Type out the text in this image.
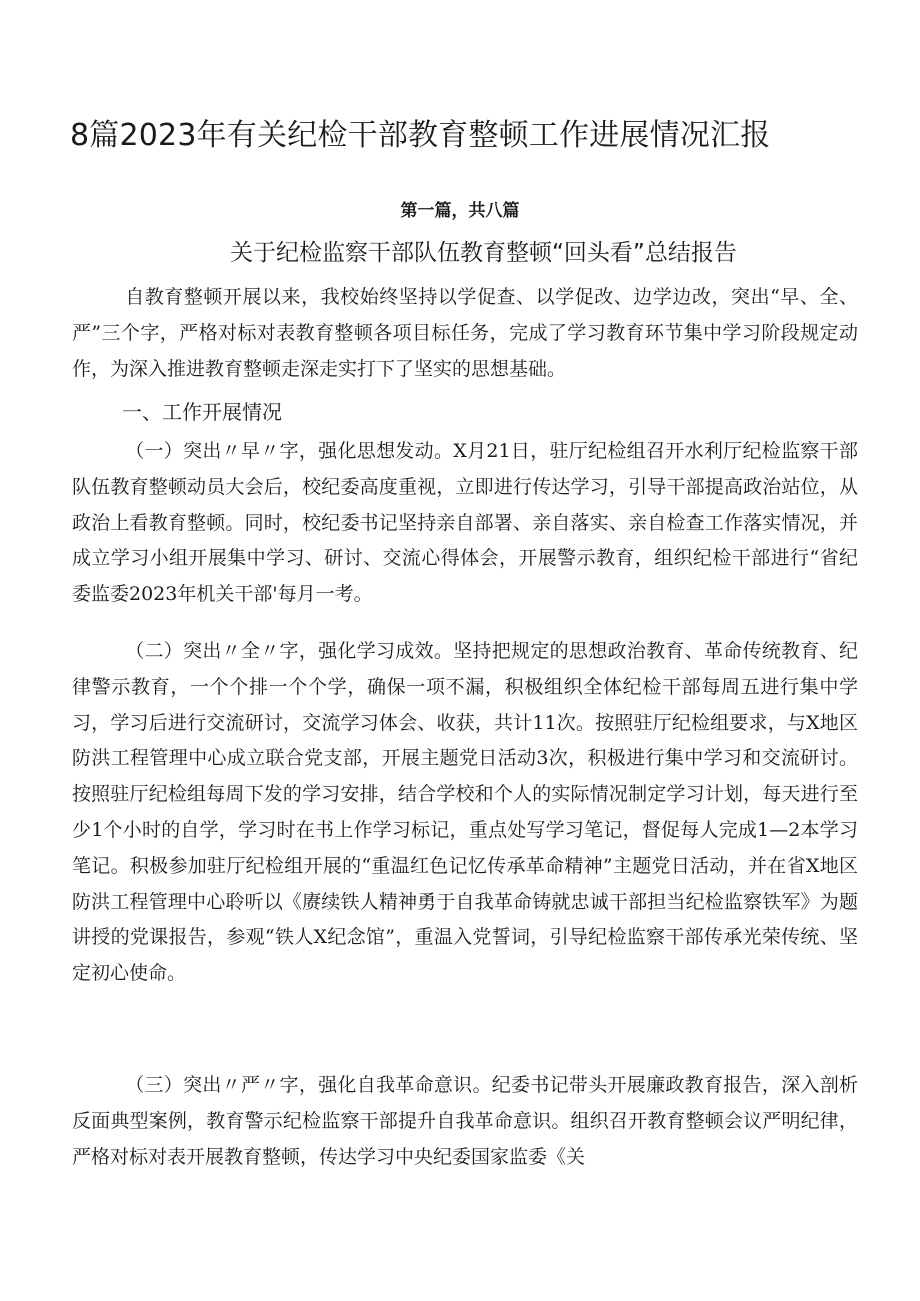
8篇2023年有关纪检干部教育整顿工作进展情况汇报
第一篇，共八篇
关于纪检监察干部队伍教育整顿“回头看”总结报告

自教育整顿开展以来，我校始终坚持以学促查、以学促改、边学边改，突出“早、全、严”三个字，严格对标对表教育整顿各项目标任务，完成了学习教育环节集中学习阶段规定动作，为深入推进教育整顿走深走实打下了坚实的思想基础。

一、工作开展情况

（一）突出〃早〃字，强化思想发动。X月21日，驻厅纪检组召开水利厅纪检监察干部队伍教育整顿动员大会后，校纪委高度重视，立即进行传达学习，引导干部提高政治站位，从政治上看教育整顿。同时，校纪委书记坚持亲自部署、亲自落实、亲自检查工作落实情况，并成立学习小组开展集中学习、研讨、交流心得体会，开展警示教育，组织纪检干部进行“省纪委监委2023年机关干部'每月一考。

（二）突出〃全〃字，强化学习成效。坚持把规定的思想政治教育、革命传统教育、纪律警示教育，一个个排一个个学，确保一项不漏，积极组织全体纪检干部每周五进行集中学习，学习后进行交流研讨，交流学习体会、收获，共计11次。按照驻厅纪检组要求，与X地区防洪工程管理中心成立联合党支部，开展主题党日活动3次，积极进行集中学习和交流研讨。按照驻厅纪检组每周下发的学习安排，结合学校和个人的实际情况制定学习计划，每天进行至少1个小时的自学，学习时在书上作学习标记，重点处写学习笔记，督促每人完成1—2本学习笔记。积极参加驻厅纪检组开展的“重温红色记忆传承革命精神”主题党日活动，并在省X地区防洪工程管理中心聆听以《赓续铁人精神勇于自我革命铸就忠诚干部担当纪检监察铁军》为题讲授的党课报告，参观“铁人X纪念馆”，重温入党誓词，引导纪检监察干部传承光荣传统、坚定初心使命。

（三）突出〃严〃字，强化自我革命意识。纪委书记带头开展廉政教育报告，深入剖析反面典型案例，教育警示纪检监察干部提升自我革命意识。组织召开教育整顿会议严明纪律，严格对标对表开展教育整顿，传达学习中央纪委国家监委《关
